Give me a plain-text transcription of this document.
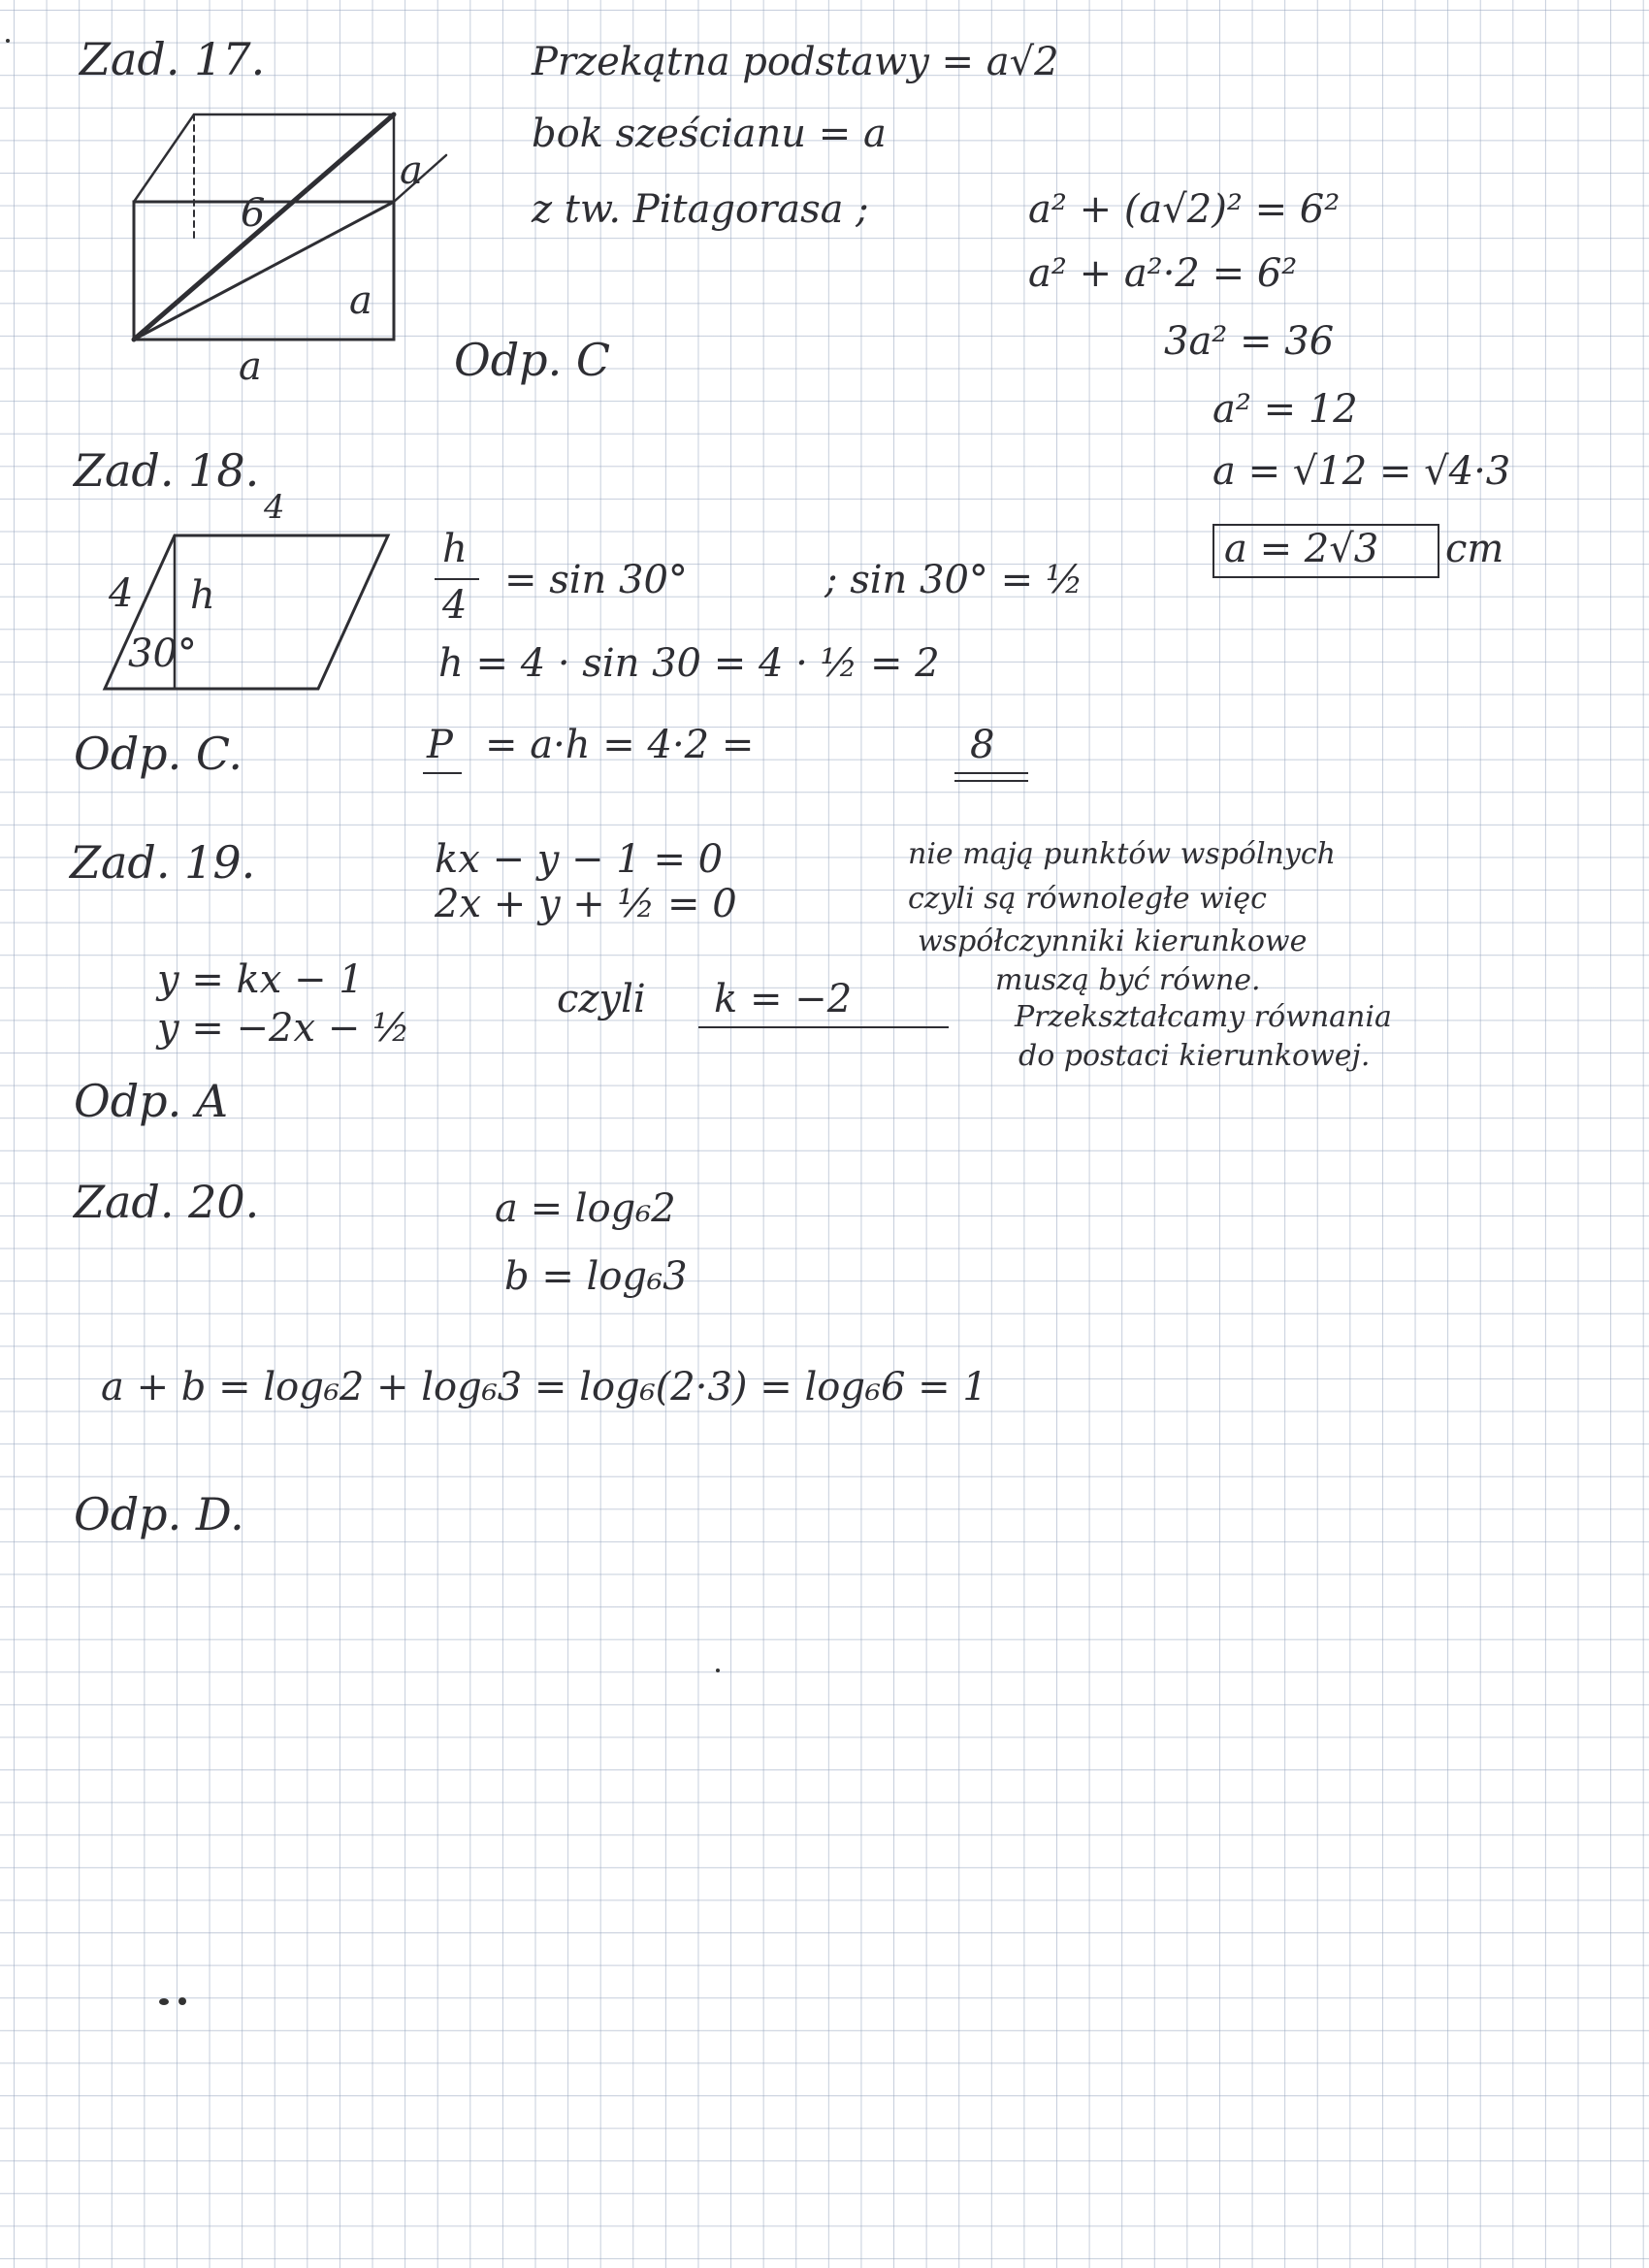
Zad. 17.
6
a
a
a
Przekątna podstawy = a√2
bok sześcianu = a
z tw. Pitagorasa ;	a² + (a√2)² = 6²
a² + a²·2 = 6²
3a² = 36
a² = 12
a = √12 = √4·3
a = 2√3 cm
Odp. C
Zad. 18.
4
4 h
30°
h
4
= sin 30°	; sin 30° = ½
h = 4 · sin 30 = 4 · ½ = 2
P = a·h = 4·2 =	8
Odp. C.
Zad. 19.	kx − y − 1 = 0
2x + y + ½ = 0
nie mają punktów wspólnych
czyli są równoległe więc
współczynniki kierunkowe
muszą być równe.
Przekształcamy równania
do postaci kierunkowej.
y = kx − 1
y = −2x − ½
czyli k = −2
Odp. A
Zad. 20.	a = log₆2
b = log₆3
a + b = log₆2 + log₆3 = log₆(2·3) = log₆6 = 1
Odp. D.
